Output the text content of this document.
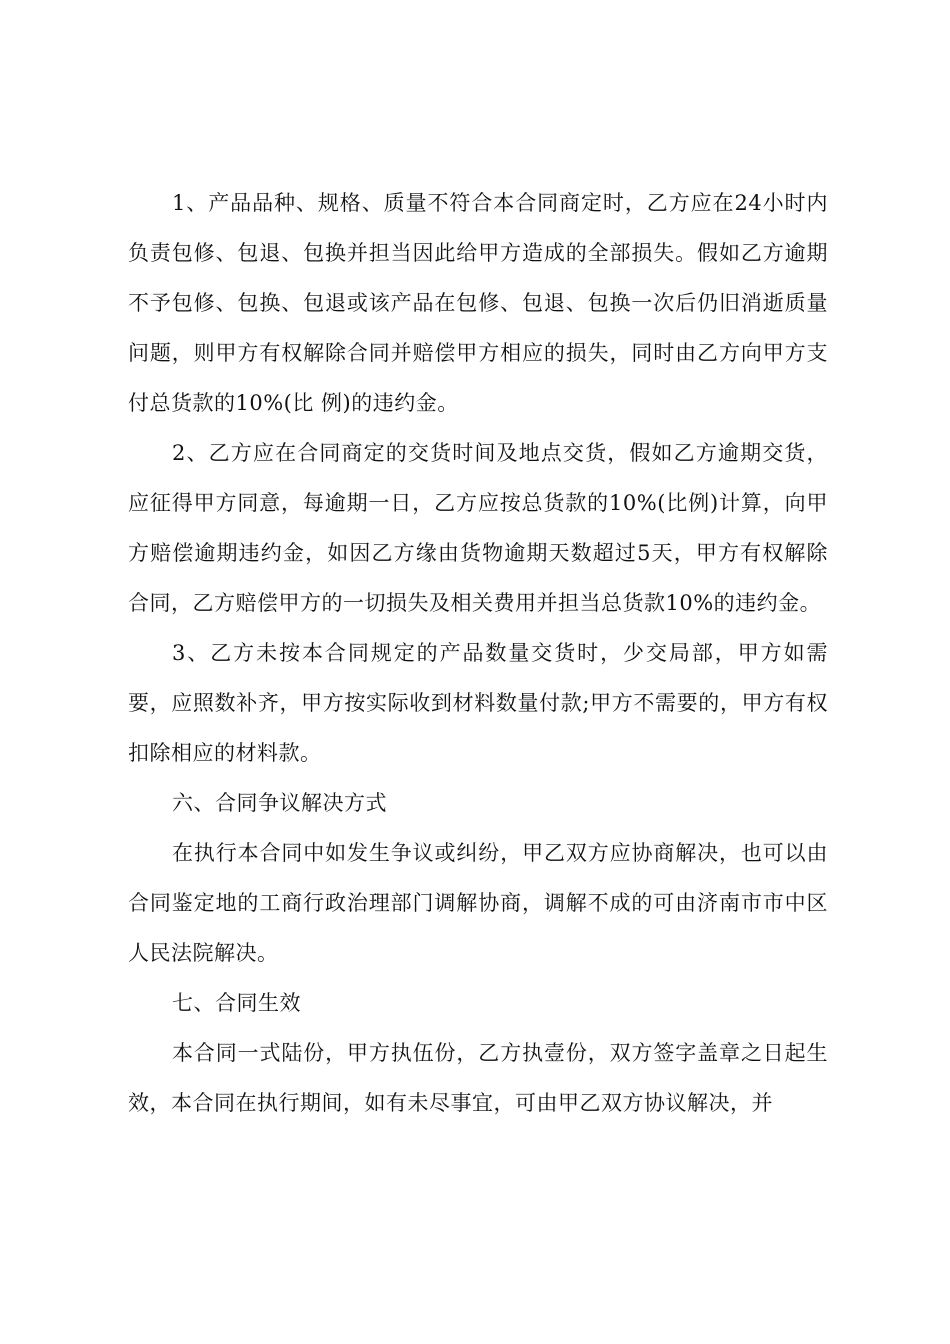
1、产品品种、规格、质量不符合本合同商定时，乙方应在24小时内负责包修、包退、包换并担当因此给甲方造成的全部损失。假如乙方逾期不予包修、包换、包退或该产品在包修、包退、包换一次后仍旧消逝质量问题，则甲方有权解除合同并赔偿甲方相应的损失，同时由乙方向甲方支付总货款的10%(比 例)的违约金。

2、乙方应在合同商定的交货时间及地点交货，假如乙方逾期交货，应征得甲方同意，每逾期一日，乙方应按总货款的10%(比例)计算，向甲方赔偿逾期违约金，如因乙方缘由货物逾期天数超过5天，甲方有权解除合同，乙方赔偿甲方的一切损失及相关费用并担当总货款10%的违约金。

3、乙方未按本合同规定的产品数量交货时，少交局部，甲方如需要，应照数补齐，甲方按实际收到材料数量付款;甲方不需要的，甲方有权扣除相应的材料款。

六、合同争议解决方式

在执行本合同中如发生争议或纠纷，甲乙双方应协商解决，也可以由合同鉴定地的工商行政治理部门调解协商，调解不成的可由济南市市中区人民法院解决。

七、合同生效

本合同一式陆份，甲方执伍份，乙方执壹份，双方签字盖章之日起生效，本合同在执行期间，如有未尽事宜，可由甲乙双方协议解决，并
